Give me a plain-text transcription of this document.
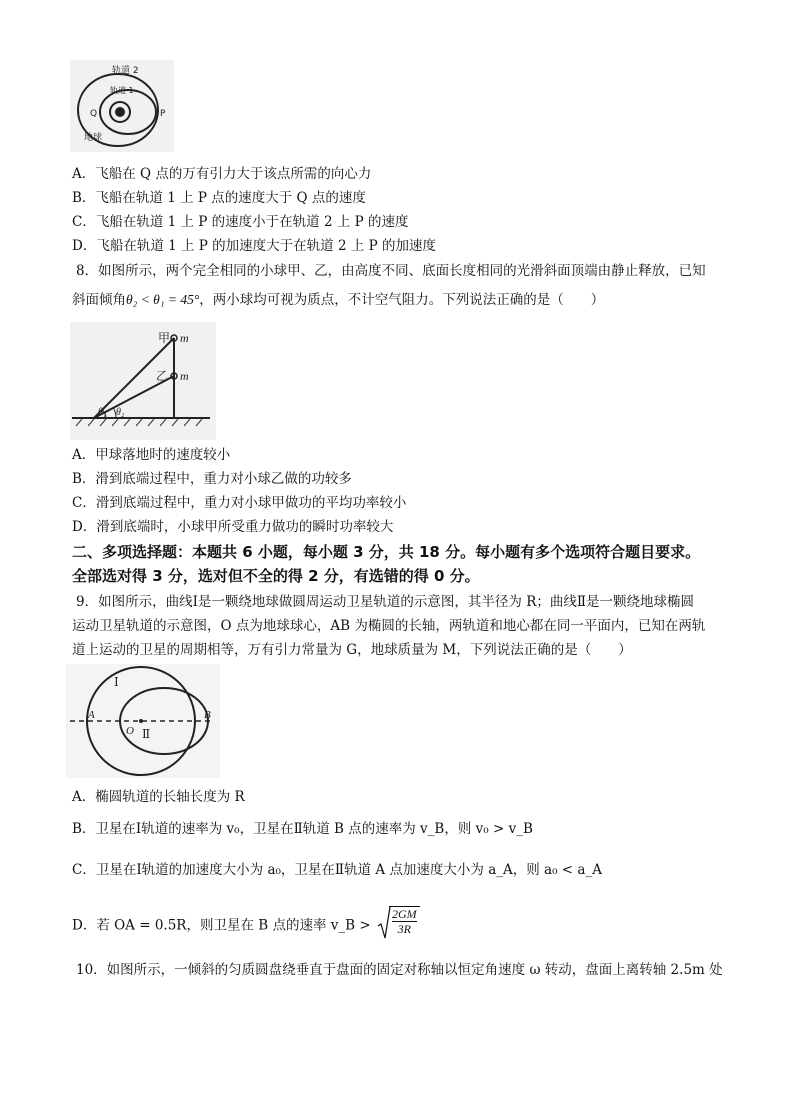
轨道 2
轨道 1
Q	P
地球
A．飞船在 Q 点的万有引力大于该点所需的向心力
B．飞船在轨道 1 上 P 点的速度大于 Q 点的速度
C．飞船在轨道 1 上 P 的速度小于在轨道 2 上 P 的速度
D．飞船在轨道 1 上 P 的加速度大于在轨道 2 上 P 的加速度
8．如图所示，两个完全相同的小球甲、乙，由高度不同、底面长度相同的光滑斜面顶端由静止释放，已知
斜面倾角θ₂ < θ₁ = 45°，两小球均可视为质点，不计空气阻力。下列说法正确的是（　　）
甲 m
乙 m
θ₁ θ₂
A．甲球落地时的速度较小
B．滑到底端过程中，重力对小球乙做的功较多
C．滑到底端过程中，重力对小球甲做功的平均功率较小
D．滑到底端时，小球甲所受重力做功的瞬时功率较大
二、多项选择题：本题共 6 小题，每小题 3 分，共 18 分。每小题有多个选项符合题目要求。
全部选对得 3 分，选对但不全的得 2 分，有选错的得 0 分。
9．如图所示，曲线Ⅰ是一颗绕地球做圆周运动卫星轨道的示意图，其半径为 R；曲线Ⅱ是一颗绕地球椭圆
运动卫星轨道的示意图，O 点为地球球心，AB 为椭圆的长轴，两轨道和地心都在同一平面内，已知在两轨
道上运动的卫星的周期相等，万有引力常量为 G，地球质量为 M，下列说法正确的是（　　）
Ⅰ
Ⅱ
A	B
O
A．椭圆轨道的长轴长度为 R
B．卫星在Ⅰ轨道的速率为 v₀，卫星在Ⅱ轨道 B 点的速率为 v_B，则 v₀ > v_B
C．卫星在Ⅰ轨道的加速度大小为 a₀，卫星在Ⅱ轨道 A 点加速度大小为 a_A，则 a₀ < a_A
D．若 OA = 0.5R，则卫星在 B 点的速率 v_B > $\frac{2GM}{3R}$
10．如图所示，一倾斜的匀质圆盘绕垂直于盘面的固定对称轴以恒定角速度 ω 转动，盘面上离转轴 2.5m 处
